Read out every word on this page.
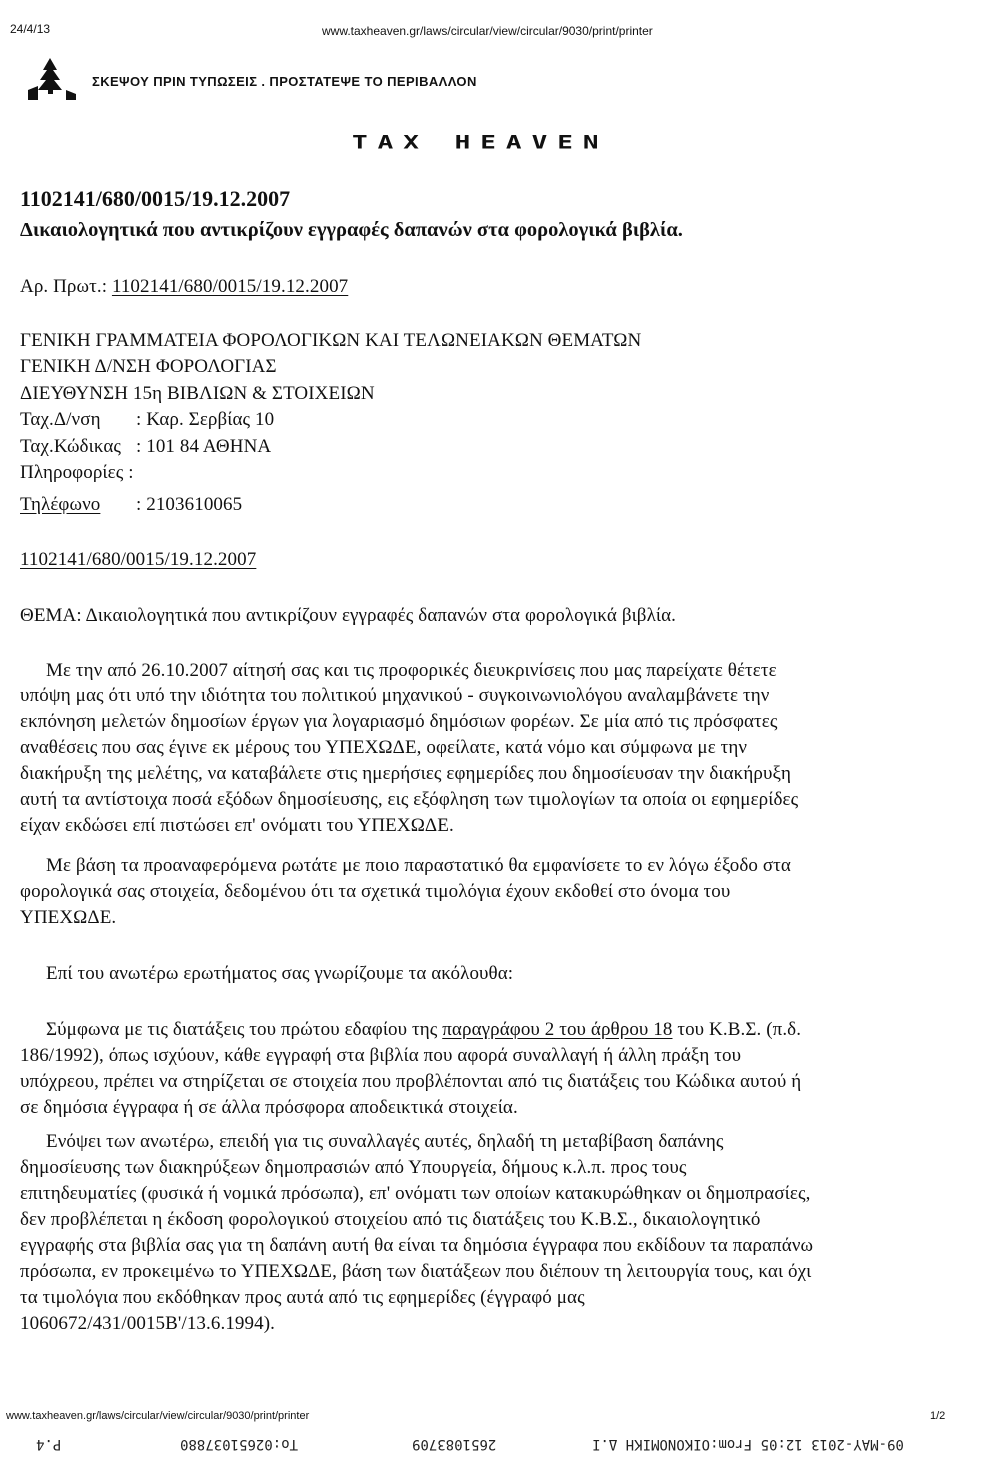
24/4/13	www.taxheaven.gr/laws/circular/view/circular/9030/print/printer
ΣΚΕΨΟΥ ΠΡΙΝ ΤΥΠΩΣΕΙΣ . ΠΡΟΣΤΑΤΕΨΕ ΤΟ ΠΕΡΙΒΑΛΛΟΝ
TAX HEAVEN
1102141/680/0015/19.12.2007
Δικαιολογητικά που αντικρίζουν εγγραφές δαπανών στα φορολογικά βιβλία.
Αρ. Πρωτ.: 1102141/680/0015/19.12.2007
ΓΕΝΙΚΗ ΓΡΑΜΜΑΤΕΙΑ ΦΟΡΟΛΟΓΙΚΩΝ ΚΑΙ ΤΕΛΩΝΕΙΑΚΩΝ ΘΕΜΑΤΩΝ
ΓΕΝΙΚΗ Δ/ΝΣΗ ΦΟΡΟΛΟΓΙΑΣ
ΔΙΕΥΘΥΝΣΗ 15η ΒΙΒΛΙΩΝ & ΣΤΟΙΧΕΙΩΝ
Ταχ.Δ/νση : Καρ. Σερβίας 10
Ταχ.Κώδικας : 101 84 ΑΘΗΝΑ
Πληροφορίες :
Τηλέφωνο : 2103610065
1102141/680/0015/19.12.2007
ΘΕΜΑ: Δικαιολογητικά που αντικρίζουν εγγραφές δαπανών στα φορολογικά βιβλία.
Με την από 26.10.2007 αίτησή σας και τις προφορικές διευκρινίσεις που μας παρείχατε θέτετε
υπόψη μας ότι υπό την ιδιότητα του πολιτικού μηχανικού - συγκοινωνιολόγου αναλαμβάνετε την
εκπόνηση μελετών δημοσίων έργων για λογαριασμό δημόσιων φορέων. Σε μία από τις πρόσφατες
αναθέσεις που σας έγινε εκ μέρους του ΥΠΕΧΩΔΕ, οφείλατε, κατά νόμο και σύμφωνα με την
διακήρυξη της μελέτης, να καταβάλετε στις ημερήσιες εφημερίδες που δημοσίευσαν την διακήρυξη
αυτή τα αντίστοιχα ποσά εξόδων δημοσίευσης, εις εξόφληση των τιμολογίων τα οποία οι εφημερίδες
είχαν εκδώσει επί πιστώσει επ' ονόματι του ΥΠΕΧΩΔΕ.
Με βάση τα προαναφερόμενα ρωτάτε με ποιο παραστατικό θα εμφανίσετε το εν λόγω έξοδο στα
φορολογικά σας στοιχεία, δεδομένου ότι τα σχετικά τιμολόγια έχουν εκδοθεί στο όνομα του
ΥΠΕΧΩΔΕ.
Επί του ανωτέρω ερωτήματος σας γνωρίζουμε τα ακόλουθα:
Σύμφωνα με τις διατάξεις του πρώτου εδαφίου της παραγράφου 2 του άρθρου 18 του Κ.Β.Σ. (π.δ.
186/1992), όπως ισχύουν, κάθε εγγραφή στα βιβλία που αφορά συναλλαγή ή άλλη πράξη του
υπόχρεου, πρέπει να στηρίζεται σε στοιχεία που προβλέπονται από τις διατάξεις του Κώδικα αυτού ή
σε δημόσια έγγραφα ή σε άλλα πρόσφορα αποδεικτικά στοιχεία.
Ενόψει των ανωτέρω, επειδή για τις συναλλαγές αυτές, δηλαδή τη μεταβίβαση δαπάνης
δημοσίευσης των διακηρύξεων δημοπρασιών από Υπουργεία, δήμους κ.λ.π. προς τους
επιτηδευματίες (φυσικά ή νομικά πρόσωπα), επ' ονόματι των οποίων κατακυρώθηκαν οι δημοπρασίες,
δεν προβλέπεται η έκδοση φορολογικού στοιχείου από τις διατάξεις του Κ.Β.Σ., δικαιολογητικό
εγγραφής στα βιβλία σας για τη δαπάνη αυτή θα είναι τα δημόσια έγγραφα που εκδίδουν τα παραπάνω
πρόσωπα, εν προκειμένω το ΥΠΕΧΩΔΕ, βάση των διατάξεων που διέπουν τη λειτουργία τους, και όχι
τα τιμολόγια που εκδόθηκαν προς αυτά από τις εφημερίδες (έγγραφό μας
1060672/431/0015Β'/13.6.1994).
www.taxheaven.gr/laws/circular/view/circular/9030/print/printer	1/2
P.4	To:02651037880	2651083709	09-MAY-2013 12:05 From:ΟΙΚΟΝΟΜΙΚΗ Δ.Ι
